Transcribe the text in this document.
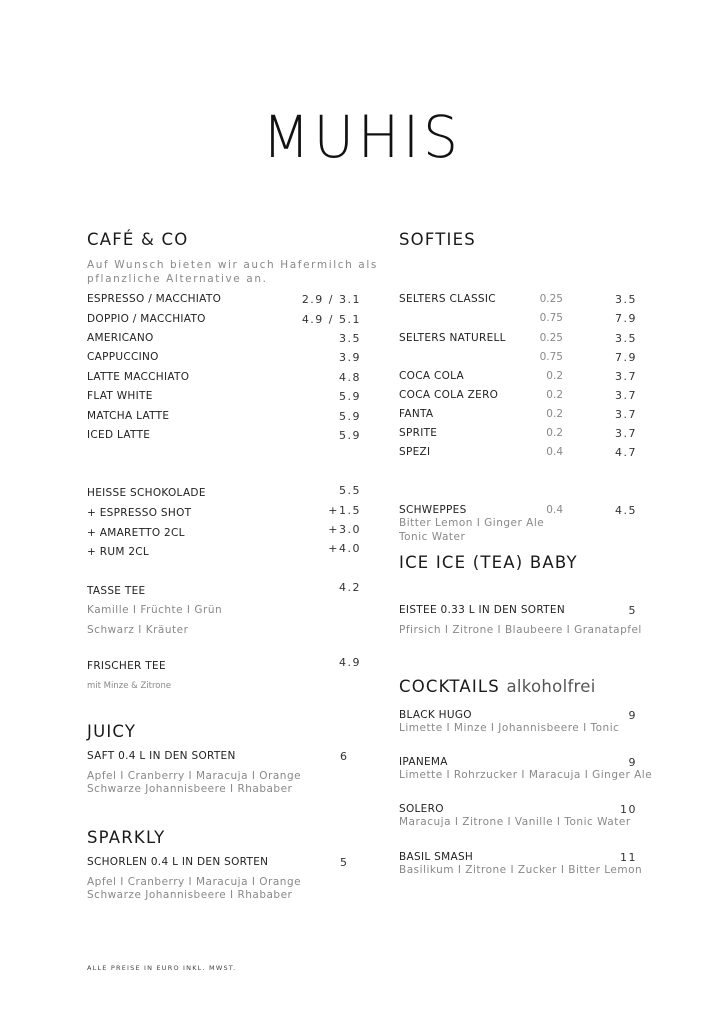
MUHIS
CAFÉ & CO
Auf Wunsch bieten wir auch Hafermilch als
pflanzliche Alternative an.
JUICY
SAFT 0.4 L IN DEN SORTEN	6
Apfel I Cranberry I Maracuja I Orange
Schwarze Johannisbeere I Rhababer
SPARKLY
SCHORLEN 0.4 L IN DEN SORTEN	5
Apfel I Cranberry I Maracuja I Orange
Schwarze Johannisbeere I Rhababer
ALLE PREISE IN EURO INKL. MWST.
SOFTIES
SCHWEPPES	0.4	4.5
Bitter Lemon I Ginger Ale
Tonic Water
ICE ICE (TEA) BABY
EISTEE 0.33 L IN DEN SORTEN	5
Pfirsich I Zitrone I Blaubeere I Granatapfel
COCKTAILS alkoholfrei
ESPRESSO / MACCHIATO	2.9 / 3.1
DOPPIO / MACCHIATO	4.9 / 5.1
AMERICANO	3.5
CAPPUCCINO	3.9
LATTE MACCHIATO	4.8
FLAT WHITE	5.9
MATCHA LATTE	5.9
ICED LATTE	5.9
HEISSE SCHOKOLADE	5.5
+ ESPRESSO SHOT	+1.5
+ AMARETTO 2CL	+3.0
+ RUM 2CL	+4.0
TASSE TEE	4.2
Kamille I Früchte I Grün
Schwarz I Kräuter
FRISCHER TEE	4.9
mit Minze & Zitrone
SELTERS CLASSIC	0.25	3.5
0.75	7.9
SELTERS NATURELL	0.25	3.5
0.75	7.9
COCA COLA	0.2	3.7
COCA COLA ZERO	0.2	3.7
FANTA	0.2	3.7
SPRITE	0.2	3.7
SPEZI	0.4	4.7
BLACK HUGO	9
Limette I Minze I Johannisbeere I Tonic
IPANEMA	9
Limette I Rohrzucker I Maracuja I Ginger Ale
SOLERO	10
Maracuja I Zitrone I Vanille I Tonic Water
BASIL SMASH	11
Basilikum I Zitrone I Zucker I Bitter Lemon
